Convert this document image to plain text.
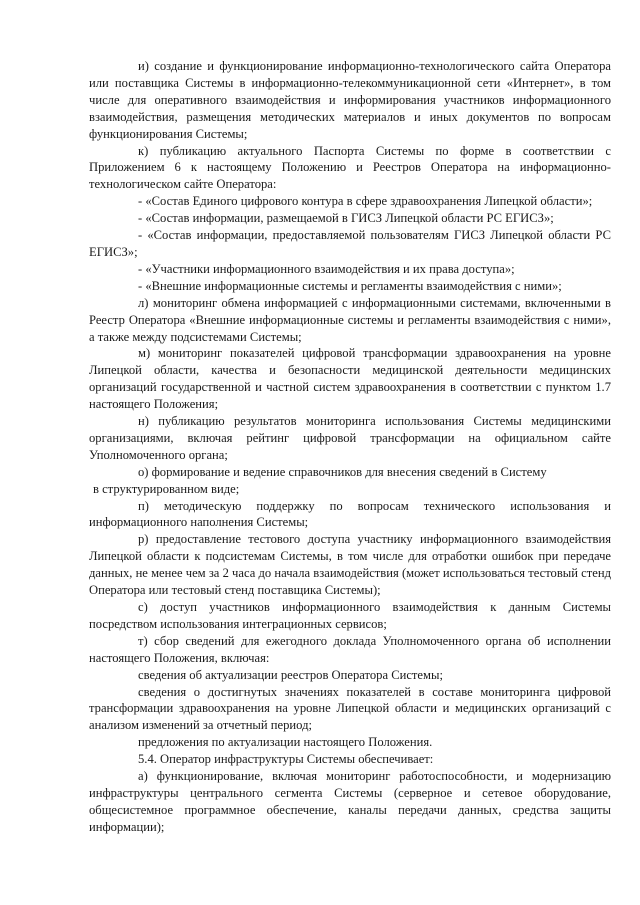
и) создание и функционирование информационно-технологического сайта Оператора или поставщика Системы в информационно-телекоммуникационной сети «Интернет», в том числе для оперативного взаимодействия и информирования участников информационного взаимодействия, размещения методических материалов и иных документов по вопросам функционирования Системы;

к) публикацию актуального Паспорта Системы по форме в соответствии с Приложением 6 к настоящему Положению и Реестров Оператора на информационно-технологическом сайте Оператора:

- «Состав Единого цифрового контура в сфере здравоохранения Липецкой области»;

- «Состав информации, размещаемой в ГИСЗ Липецкой области РС ЕГИСЗ»;

- «Состав информации, предоставляемой пользователям ГИСЗ Липецкой области РС ЕГИСЗ»;

- «Участники информационного взаимодействия и их права доступа»;

- «Внешние информационные системы и регламенты взаимодействия с ними»;

л) мониторинг обмена информацией с информационными системами, включенными в Реестр Оператора «Внешние информационные системы и регламенты взаимодействия с ними», а также между подсистемами Системы;

м) мониторинг показателей цифровой трансформации здравоохранения на уровне Липецкой области, качества и безопасности медицинской деятельности медицинских организаций государственной и частной систем здравоохранения в соответствии с пунктом 1.7 настоящего Положения;

н) публикацию результатов мониторинга использования Системы медицинскими организациями, включая рейтинг цифровой трансформации на официальном сайте Уполномоченного органа;

о) формирование и ведение справочников для внесения сведений в Систему

в структурированном виде;

п) методическую поддержку по вопросам технического использования и информационного наполнения Системы;

р) предоставление тестового доступа участнику информационного взаимодействия Липецкой области к подсистемам Системы, в том числе для отработки ошибок при передаче данных, не менее чем за 2 часа до начала взаимодействия (может использоваться тестовый стенд Оператора или тестовый стенд поставщика Системы);

с) доступ участников информационного взаимодействия к данным Системы посредством использования интеграционных сервисов;

т) сбор сведений для ежегодного доклада Уполномоченного органа об исполнении настоящего Положения, включая:

сведения об актуализации реестров Оператора Системы;

сведения о достигнутых значениях показателей в составе мониторинга цифровой трансформации здравоохранения на уровне Липецкой области и медицинских организаций с анализом изменений за отчетный период;

предложения по актуализации настоящего Положения.

5.4. Оператор инфраструктуры Системы обеспечивает:

а) функционирование, включая мониторинг работоспособности, и модернизацию инфраструктуры центрального сегмента Системы (серверное и сетевое оборудование, общесистемное программное обеспечение, каналы передачи данных, средства защиты информации);
